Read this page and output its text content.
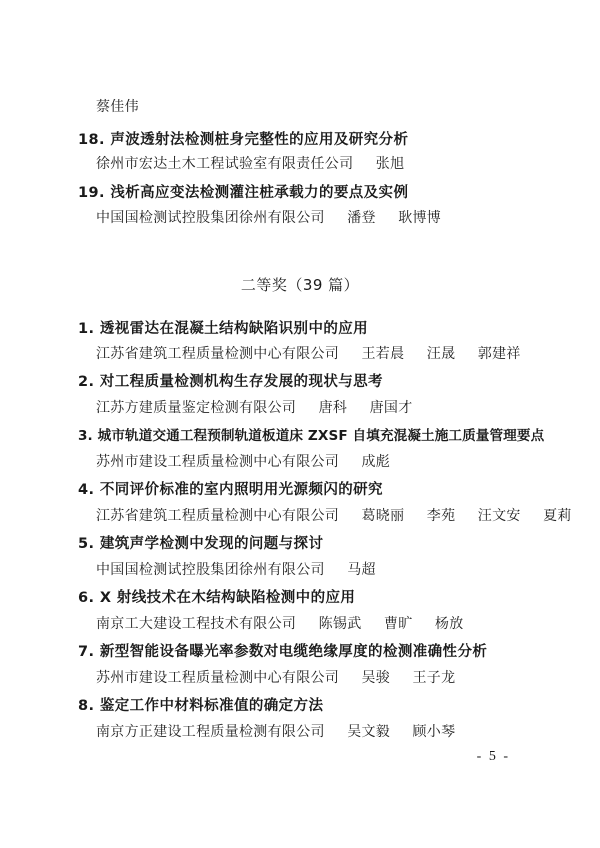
蔡佳伟
18. 声波透射法检测桩身完整性的应用及研究分析
徐州市宏达土木工程试验室有限责任公司 张旭
19. 浅析高应变法检测灌注桩承载力的要点及实例
中国国检测试控股集团徐州有限公司 潘登 耿博博
二等奖（39 篇）
1. 透视雷达在混凝土结构缺陷识别中的应用
江苏省建筑工程质量检测中心有限公司 王若晨 汪晟 郭建祥
2. 对工程质量检测机构生存发展的现状与思考
江苏方建质量鉴定检测有限公司 唐科 唐国才
3. 城市轨道交通工程预制轨道板道床 ZXSF 自填充混凝土施工质量管理要点
苏州市建设工程质量检测中心有限公司 成彪
4. 不同评价标准的室内照明用光源频闪的研究
江苏省建筑工程质量检测中心有限公司 葛晓丽 李苑 汪文安 夏莉
5. 建筑声学检测中发现的问题与探讨
中国国检测试控股集团徐州有限公司 马超
6. X 射线技术在木结构缺陷检测中的应用
南京工大建设工程技术有限公司 陈锡武 曹旷 杨放
7. 新型智能设备曝光率参数对电缆绝缘厚度的检测准确性分析
苏州市建设工程质量检测中心有限公司 吴骏 王子龙
8. 鉴定工作中材料标准值的确定方法
南京方正建设工程质量检测有限公司 吴文毅 顾小琴
- 5 -
